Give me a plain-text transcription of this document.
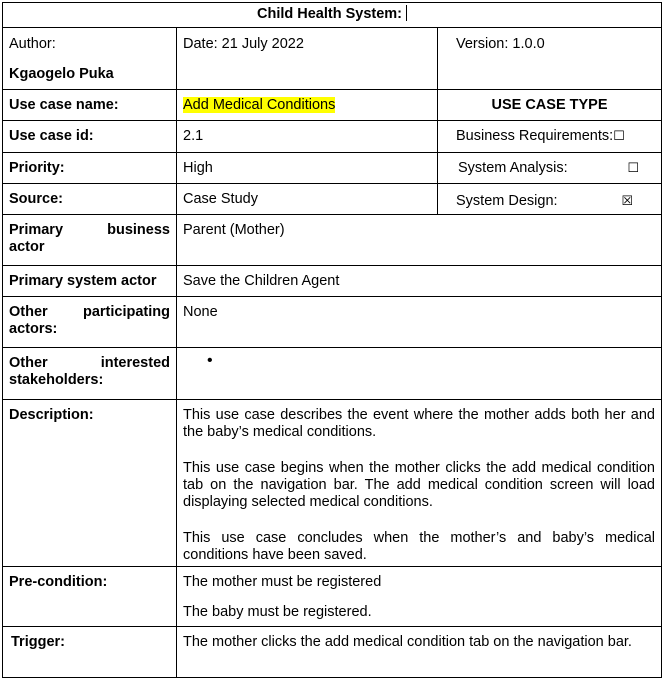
Child Health System:		

Author:

Kgaogelo Puka	Date: 21 July 2022	Version: 1.0.0
Use case name:	Add Medical Conditions	USE CASE TYPE
Use case id:	2.1	Business Requirements:☐
Priority:	High	System Analysis: ☐

Source:	Case Study	System Design: ☒

Primary business

actor	Parent (Mother)	
Primary system actor	Save the Children Agent	

Other participating

actors:	None	

Other interested

stakeholders:	•	

Description:	This use case describes the event where the mother adds both her and the baby’s medical conditions.

This use case begins when the mother clicks the add medical condition tab on the navigation bar. The add medical condition screen will load displaying selected medical conditions.

This use case concludes when the mother’s and baby’s medical conditions have been saved.	

Pre-condition:	The mother must be registered

The baby must be registered.	

Trigger:	The mother clicks the add medical condition tab on the navigation bar.	
